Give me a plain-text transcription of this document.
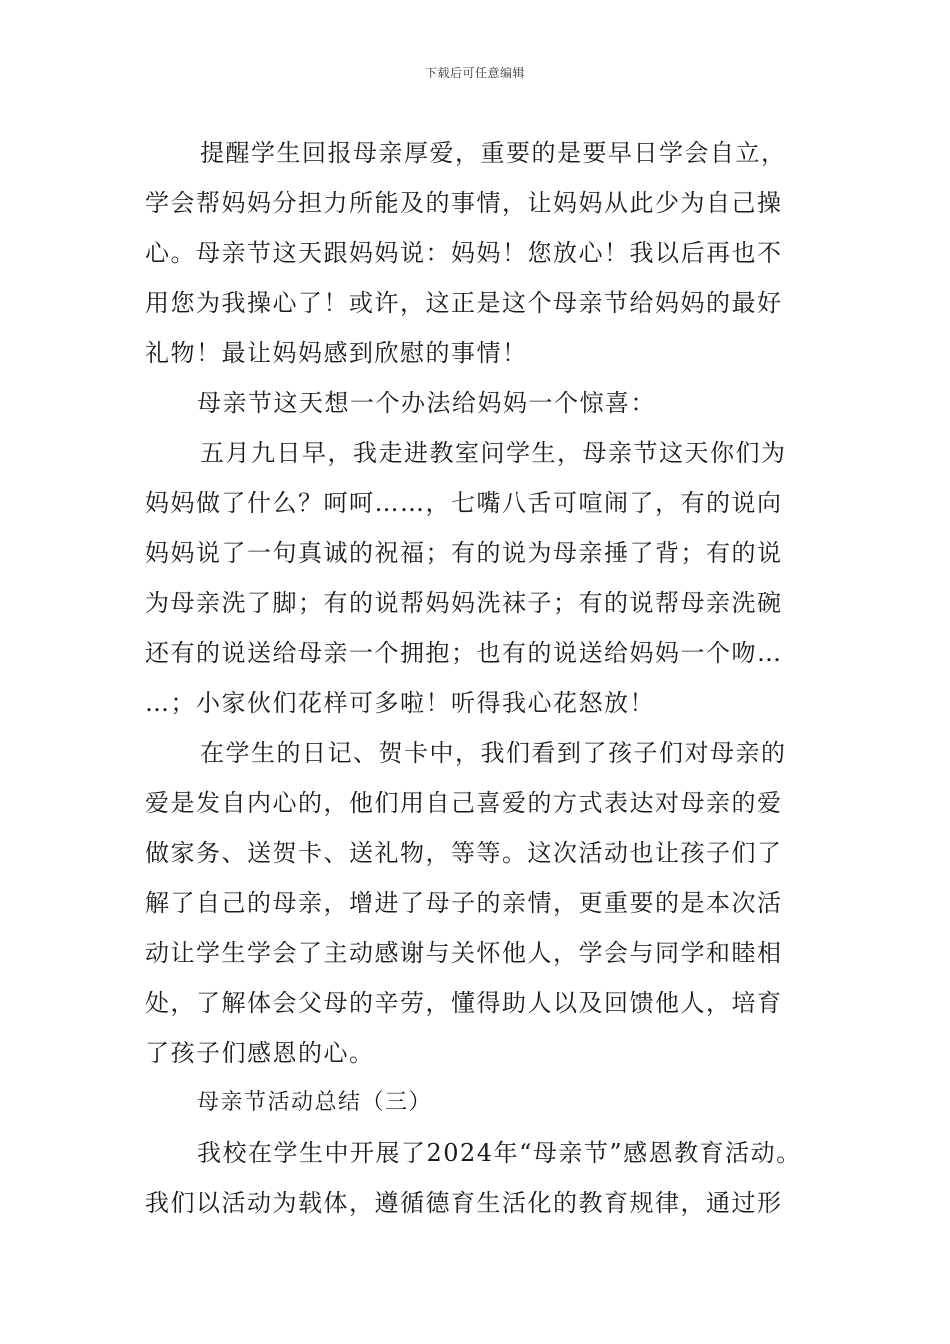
下载后可任意编辑
提醒学生回报母亲厚爱，重要的是要早日学会自立，
学会帮妈妈分担力所能及的事情，让妈妈从此少为自己操
心。母亲节这天跟妈妈说：妈妈！您放心！我以后再也不
用您为我操心了！或许，这正是这个母亲节给妈妈的最好
礼物！最让妈妈感到欣慰的事情！
母亲节这天想一个办法给妈妈一个惊喜：
五月九日早，我走进教室问学生，母亲节这天你们为
妈妈做了什么？呵呵……，七嘴八舌可喧闹了，有的说向
妈妈说了一句真诚的祝福；有的说为母亲捶了背；有的说
为母亲洗了脚；有的说帮妈妈洗袜子；有的说帮母亲洗碗
还有的说送给母亲一个拥抱；也有的说送给妈妈一个吻…
…；小家伙们花样可多啦！听得我心花怒放！
在学生的日记、贺卡中，我们看到了孩子们对母亲的
爱是发自内心的，他们用自己喜爱的方式表达对母亲的爱
做家务、送贺卡、送礼物，等等。这次活动也让孩子们了
解了自己的母亲，增进了母子的亲情，更重要的是本次活
动让学生学会了主动感谢与关怀他人，学会与同学和睦相
处，了解体会父母的辛劳，懂得助人以及回馈他人，培育
了孩子们感恩的心。
母亲节活动总结（三）
我校在学生中开展了2024年“母亲节”感恩教育活动。
我们以活动为载体，遵循德育生活化的教育规律，通过形
